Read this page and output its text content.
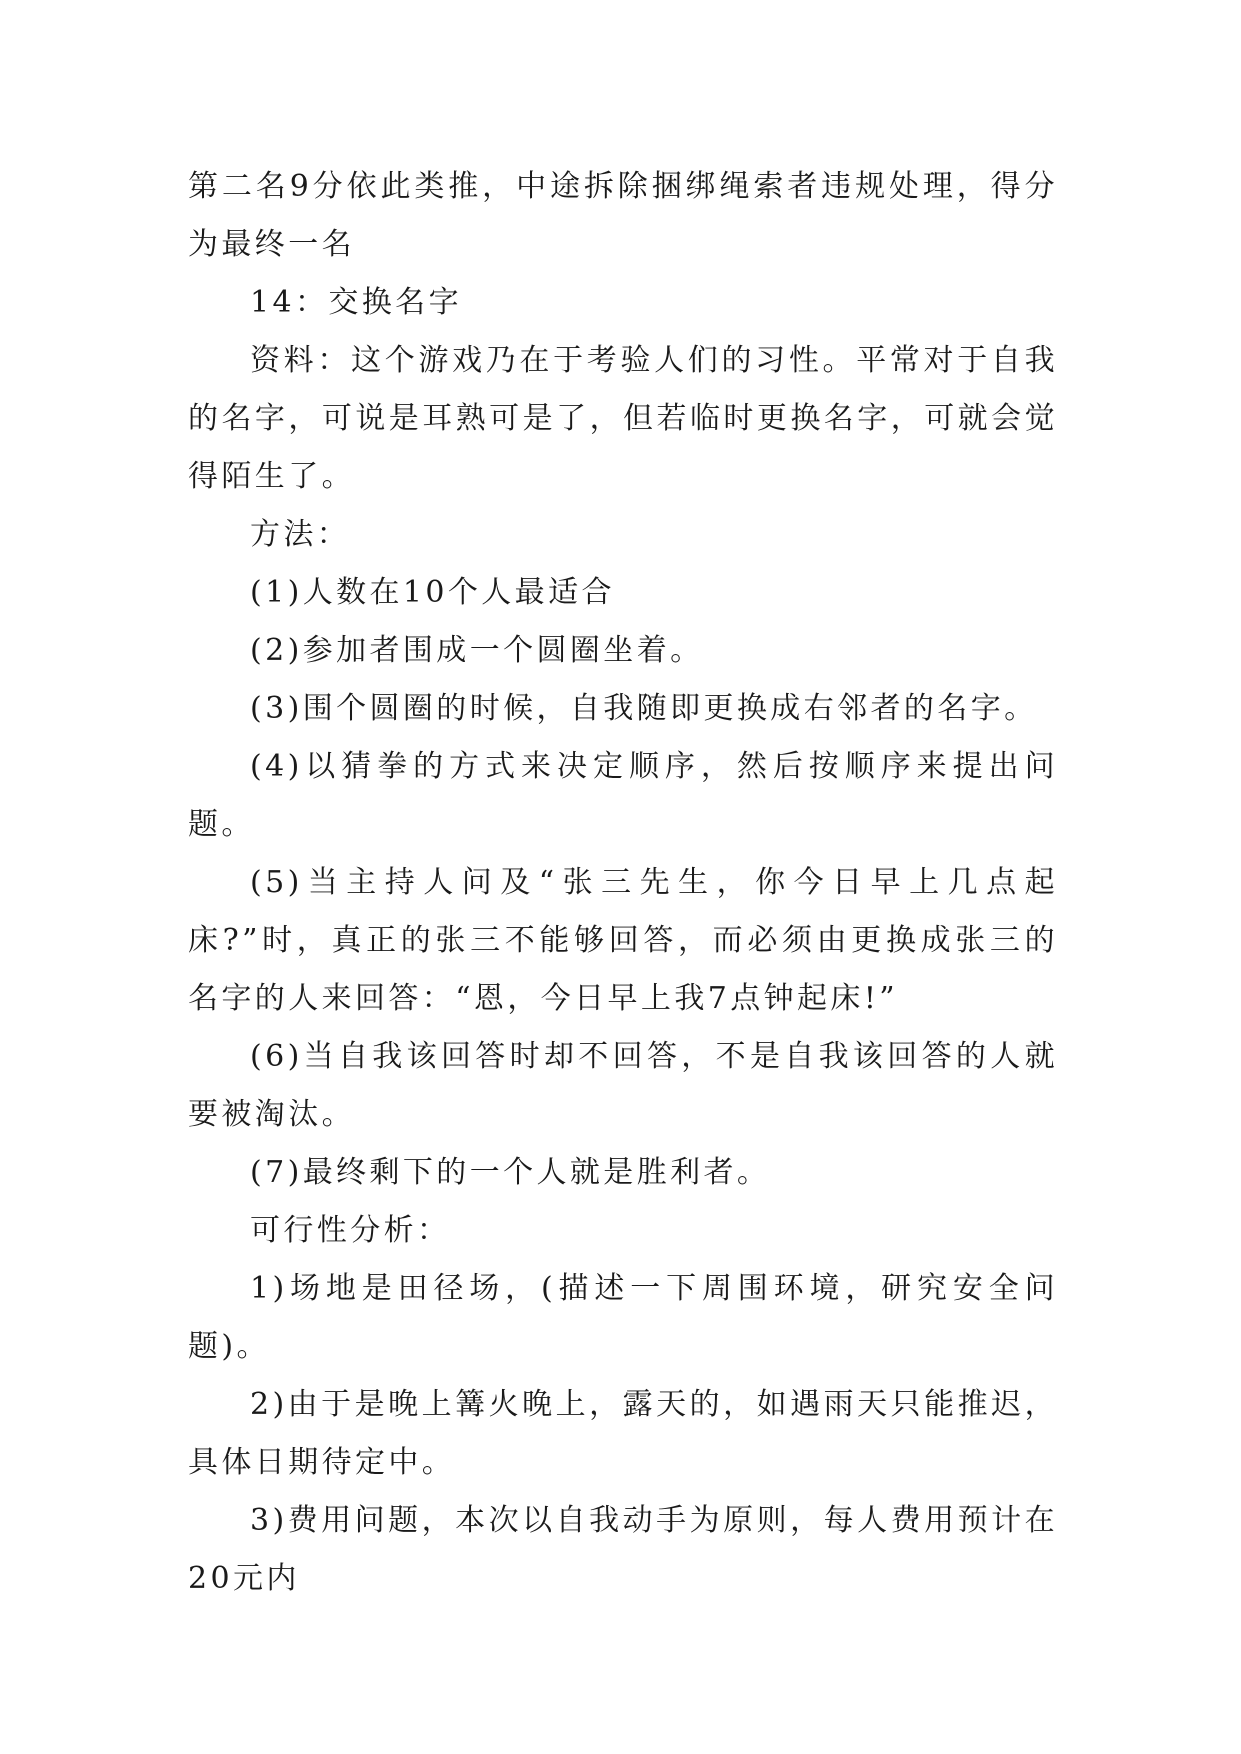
第二名9分依此类推，中途拆除捆绑绳索者违规处理，得分为最终一名

14：交换名字

资料：这个游戏乃在于考验人们的习性。平常对于自我的名字，可说是耳熟可是了，但若临时更换名字，可就会觉得陌生了。

方法：

(1)人数在10个人最适合

(2)参加者围成一个圆圈坐着。

(3)围个圆圈的时候，自我随即更换成右邻者的名字。

(4)以猜拳的方式来决定顺序，然后按顺序来提出问题。

(5)当主持人问及“张三先生，你今日早上几点起床?”时，真正的张三不能够回答，而必须由更换成张三的名字的人来回答：“恩，今日早上我7点钟起床!”

(6)当自我该回答时却不回答，不是自我该回答的人就要被淘汰。

(7)最终剩下的一个人就是胜利者。

可行性分析：

1)场地是田径场，(描述一下周围环境，研究安全问题)。

2)由于是晚上篝火晚上，露天的，如遇雨天只能推迟，具体日期待定中。

3)费用问题，本次以自我动手为原则，每人费用预计在20元内
